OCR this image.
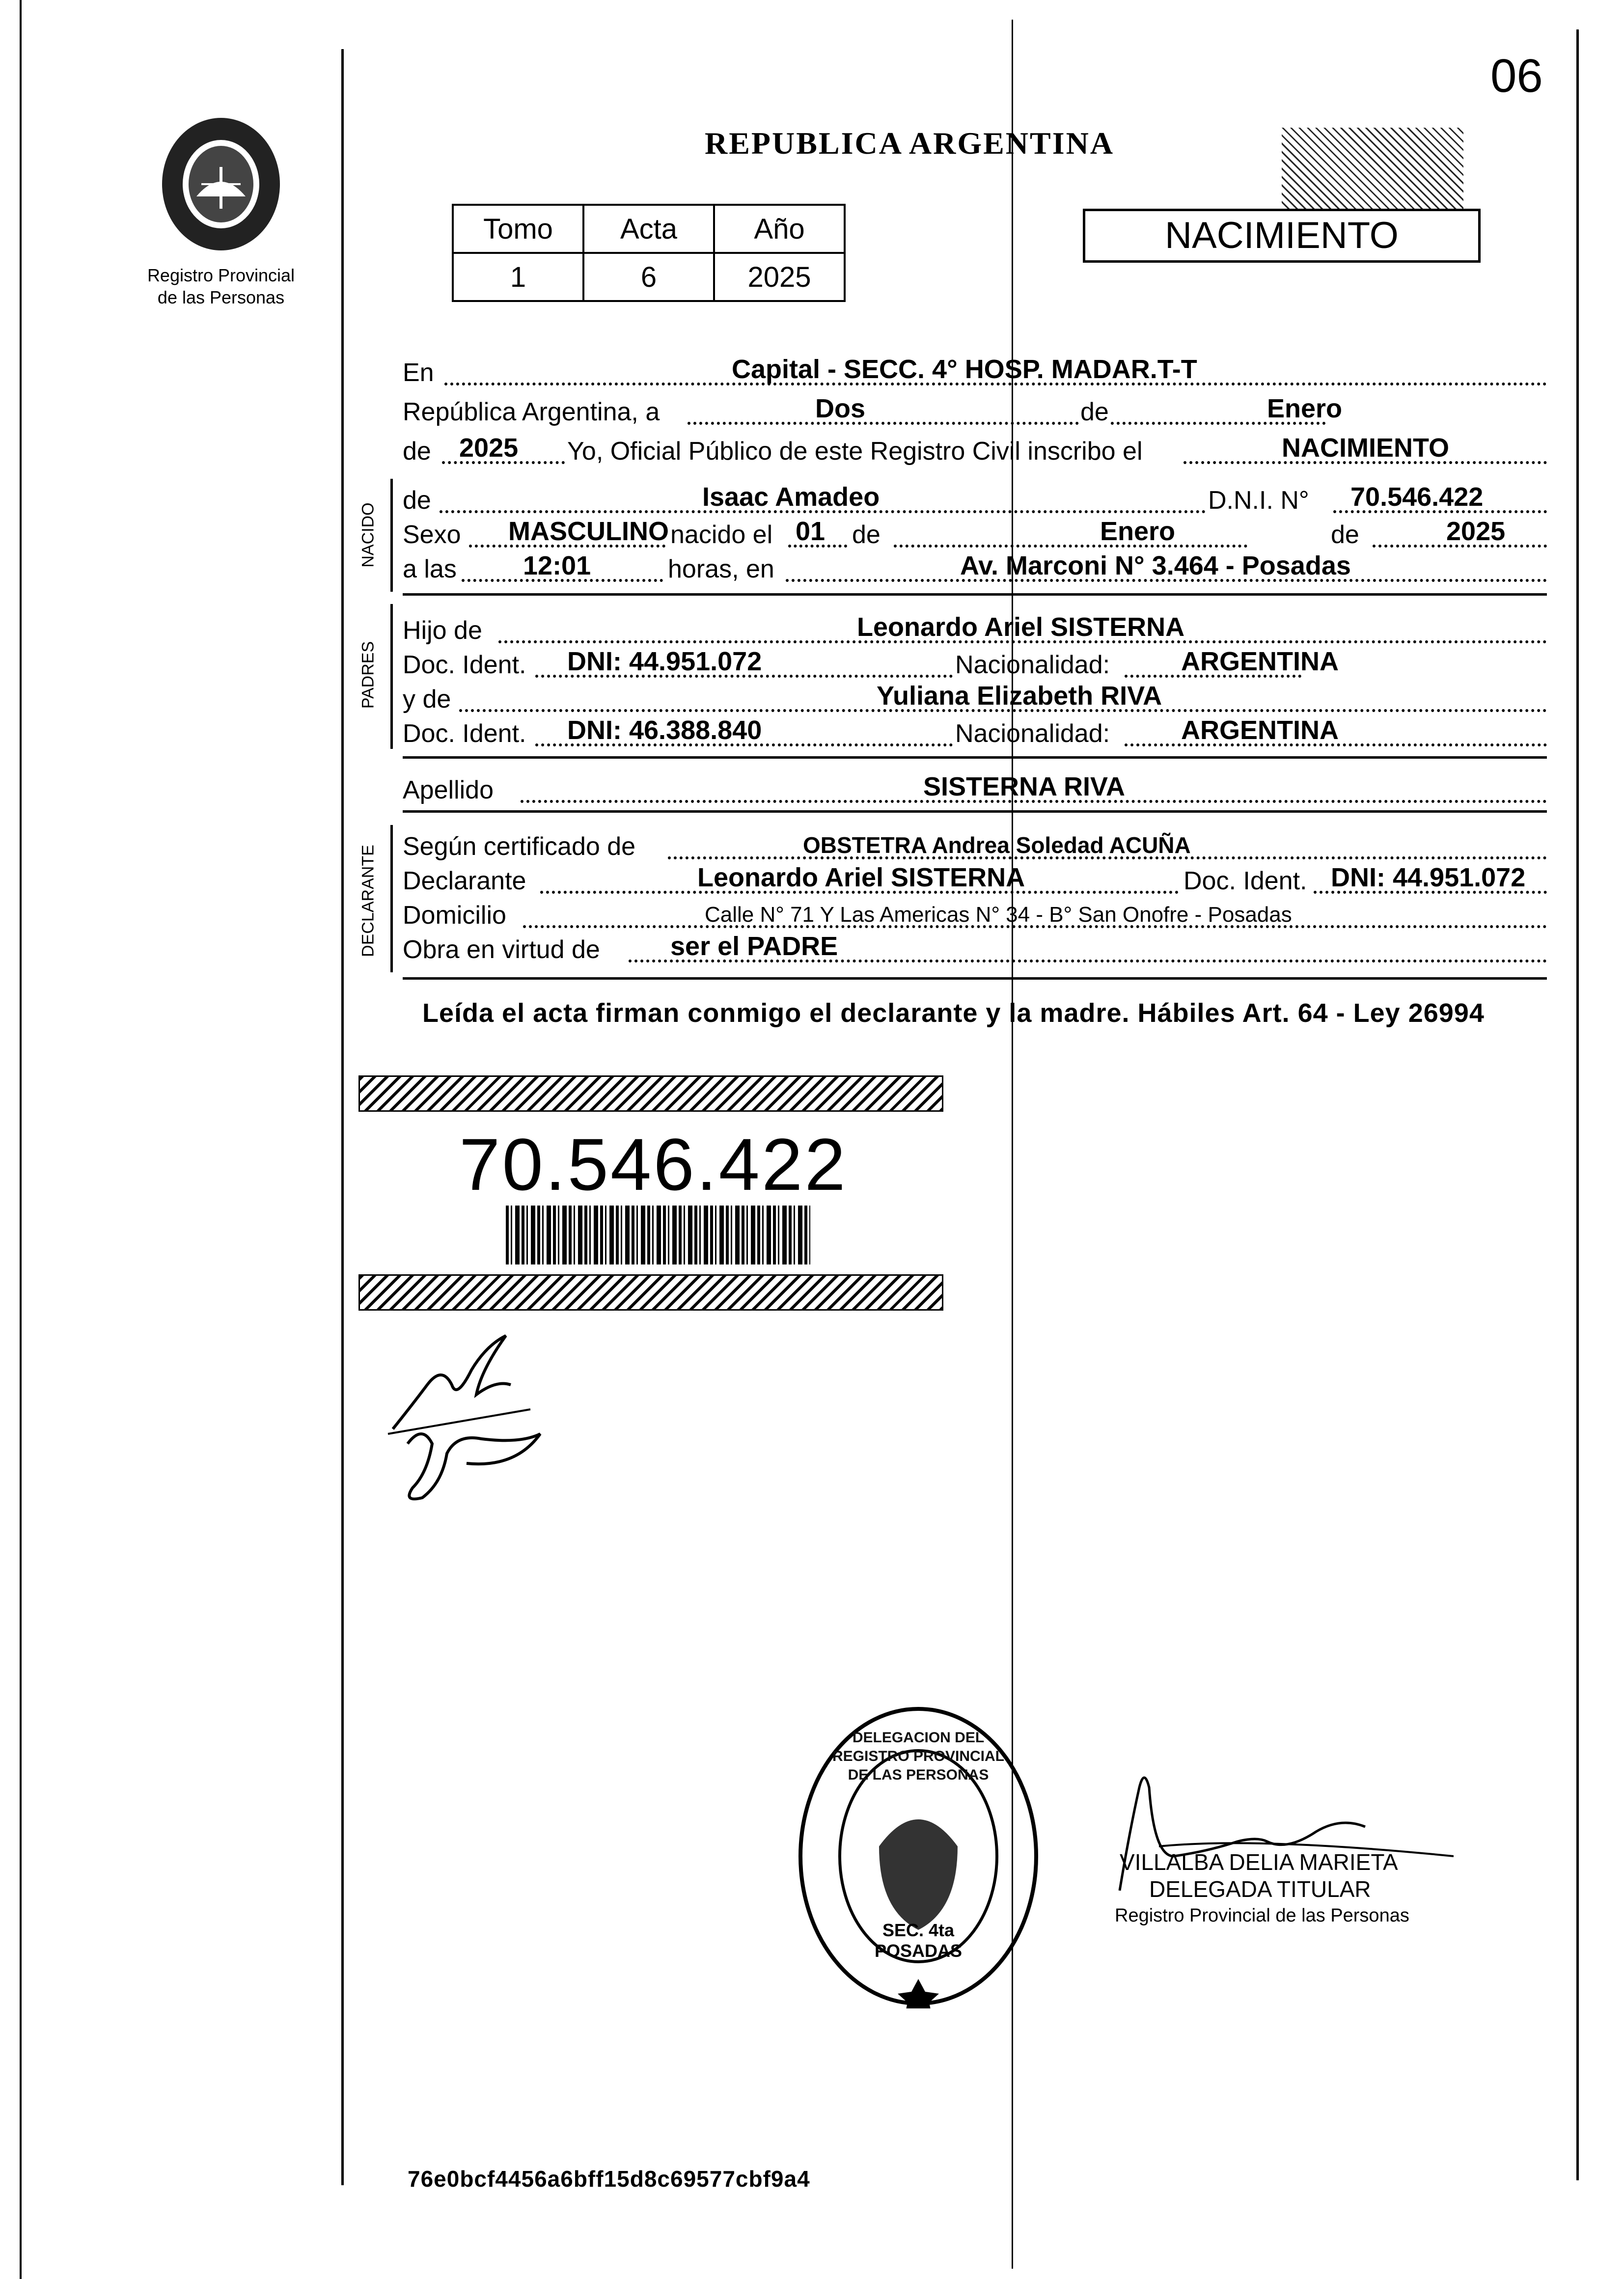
06
Registro Provincial
de las Personas
REPUBLICA ARGENTINA
Tomo	Acta	Año
1	6	2025
NACIMIENTO
En	Capital - SECC. 4° HOSP. MADAR.T-T
República Argentina, a	Dos	de	Enero
de 2025 Yo, Oficial Público de este Registro Civil inscribo el	NACIMIENTO
NACIDO
de	Isaac Amadeo	D.N.I. N° 70.546.422
Sexo MASCULINO nacido el 01 de	Enero	de	2025
a las	12:01	horas, en	Av. Marconi N° 3.464 - Posadas
PADRES
Hijo de	Leonardo Ariel SISTERNA
Doc. Ident. DNI: 44.951.072	Nacionalidad:	ARGENTINA
y de	Yuliana Elizabeth RIVA
Doc. Ident. DNI: 46.388.840	Nacionalidad:	ARGENTINA
Apellido	SISTERNA RIVA
DECLARANTE Según certificado de	OBSTETRA Andrea Soledad ACUÑA
Declarante	Leonardo Ariel SISTERNA	Doc. Ident. DNI: 44.951.072
Domicilio	Calle N° 71 Y Las Americas N° 34 - B° San Onofre - Posadas
Obra en virtud de	ser el PADRE
Leída el acta firman conmigo el declarante y la madre. Hábiles Art. 64 - Ley 26994
70.546.422
DELEGACION DEL REGISTRO PROVINCIAL DE LAS PERSONAS
SEC. 4ta POSADAS
VILLALBA DELIA MARIETA
DELEGADA TITULAR
Registro Provincial de las Personas
76e0bcf4456a6bff15d8c69577cbf9a4
